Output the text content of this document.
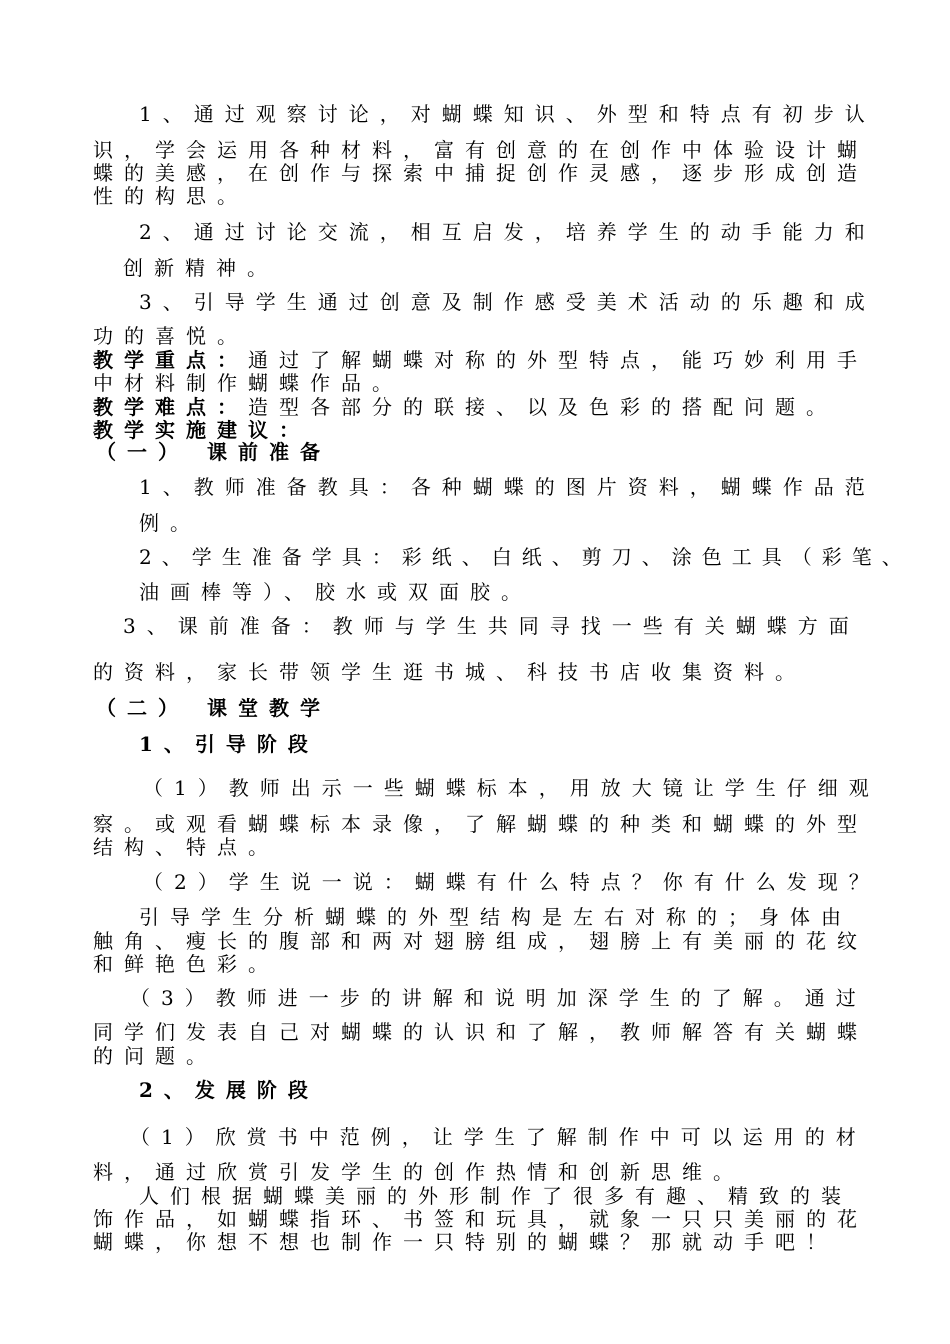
1、通过观察讨论，对蝴蝶知识、外型和特点有初步认
识，学会运用各种材料，富有创意的在创作中体验设计蝴
蝶的美感，在创作与探索中捕捉创作灵感，逐步形成创造
性的构思。
2、通过讨论交流，相互启发，培养学生的动手能力和
创新精神。
3、引导学生通过创意及制作感受美术活动的乐趣和成
功的喜悦。
教学重点：通过了解蝴蝶对称的外型特点，能巧妙利用手
中材料制作蝴蝶作品。
教学难点：造型各部分的联接、以及色彩的搭配问题。
教学实施建议：
（一） 课前准备
1、教师准备教具：各种蝴蝶的图片资料，蝴蝶作品范
例。
2、学生准备学具：彩纸、白纸、剪刀、涂色工具（彩笔、
油画棒等）、胶水或双面胶。
3、课前准备：教师与学生共同寻找一些有关蝴蝶方面
的资料，家长带领学生逛书城、科技书店收集资料。
（二） 课堂教学
1、引导阶段
（1）教师出示一些蝴蝶标本，用放大镜让学生仔细观
察。或观看蝴蝶标本录像，了解蝴蝶的种类和蝴蝶的外型
结构、特点。
（2）学生说一说：蝴蝶有什么特点？你有什么发现？
引导学生分析蝴蝶的外型结构是左右对称的；身体由
触角、瘦长的腹部和两对翅膀组成，翅膀上有美丽的花纹
和鲜艳色彩。
（3）教师进一步的讲解和说明加深学生的了解。通过
同学们发表自己对蝴蝶的认识和了解，教师解答有关蝴蝶
的问题。
2、发展阶段
（1）欣赏书中范例，让学生了解制作中可以运用的材
料，通过欣赏引发学生的创作热情和创新思维。
人们根据蝴蝶美丽的外形制作了很多有趣、精致的装
饰作品，如蝴蝶指环、书签和玩具，就象一只只美丽的花
蝴蝶，你想不想也制作一只特别的蝴蝶？那就动手吧！
